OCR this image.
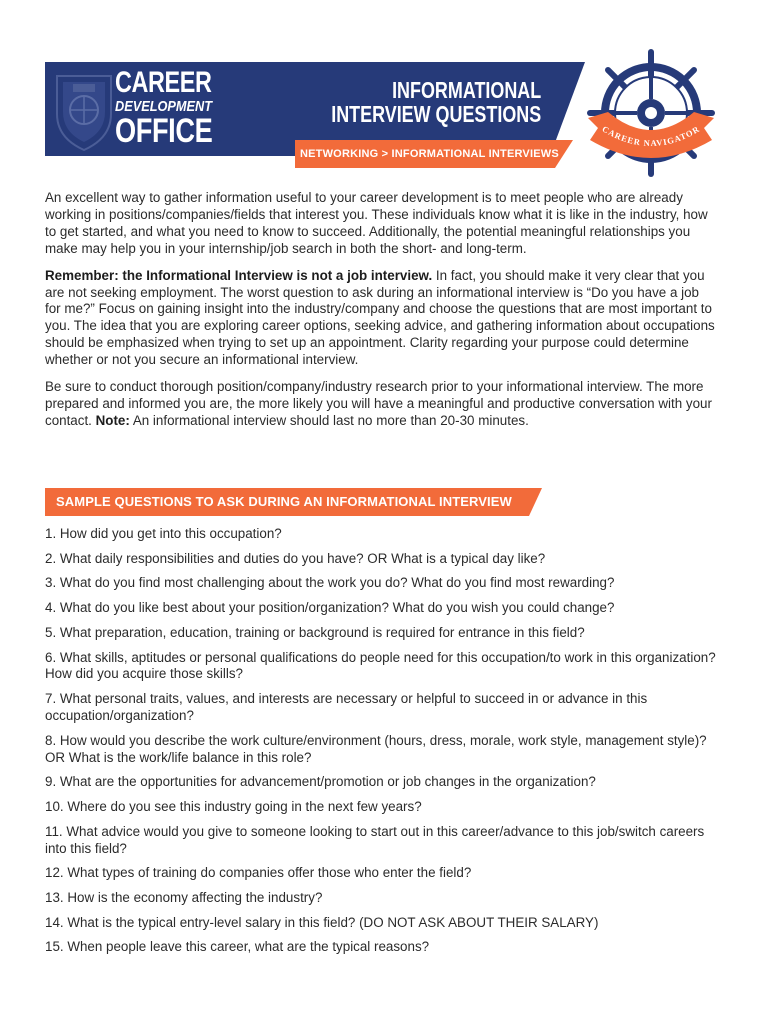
CAREER
DEVELOPMENT
OFFICE
INFORMATIONAL
INTERVIEW QUESTIONS
NETWORKING > INFORMATIONAL INTERVIEWS
CAREER NAVIGATOR

An excellent way to gather information useful to your career development is to meet people who are already working in positions/companies/fields that interest you. These individuals know what it is like in the industry, how to get started, and what you need to know to succeed. Additionally, the potential meaningful relationships you make may help you in your internship/job search in both the short- and long-term.

Remember: the Informational Interview is not a job interview. In fact, you should make it very clear that you are not seeking employment. The worst question to ask during an informational interview is “Do you have a job for me?” Focus on gaining insight into the industry/company and choose the questions that are most important to you. The idea that you are exploring career options, seeking advice, and gathering information about occupations should be emphasized when trying to set up an appointment. Clarity regarding your purpose could determine whether or not you secure an informational interview.

Be sure to conduct thorough position/company/industry research prior to your informational interview. The more prepared and informed you are, the more likely you will have a meaningful and productive conversation with your contact. Note: An informational interview should last no more than 20-30 minutes.

SAMPLE QUESTIONS TO ASK DURING AN INFORMATIONAL INTERVIEW
1. How did you get into this occupation?
2. What daily responsibilities and duties do you have? OR What is a typical day like?
3. What do you find most challenging about the work you do? What do you find most rewarding?
4. What do you like best about your position/organization? What do you wish you could change?
5. What preparation, education, training or background is required for entrance in this field?
6. What skills, aptitudes or personal qualifications do people need for this occupation/to work in this organization? How did you acquire those skills?
7. What personal traits, values, and interests are necessary or helpful to succeed in or advance in this occupation/organization?
8. How would you describe the work culture/environment (hours, dress, morale, work style, management style)? OR What is the work/life balance in this role?
9. What are the opportunities for advancement/promotion or job changes in the organization?
10. Where do you see this industry going in the next few years?
11. What advice would you give to someone looking to start out in this career/advance to this job/switch careers into this field?
12. What types of training do companies offer those who enter the field?
13. How is the economy affecting the industry?
14. What is the typical entry-level salary in this field? (DO NOT ASK ABOUT THEIR SALARY)
15. When people leave this career, what are the typical reasons?
